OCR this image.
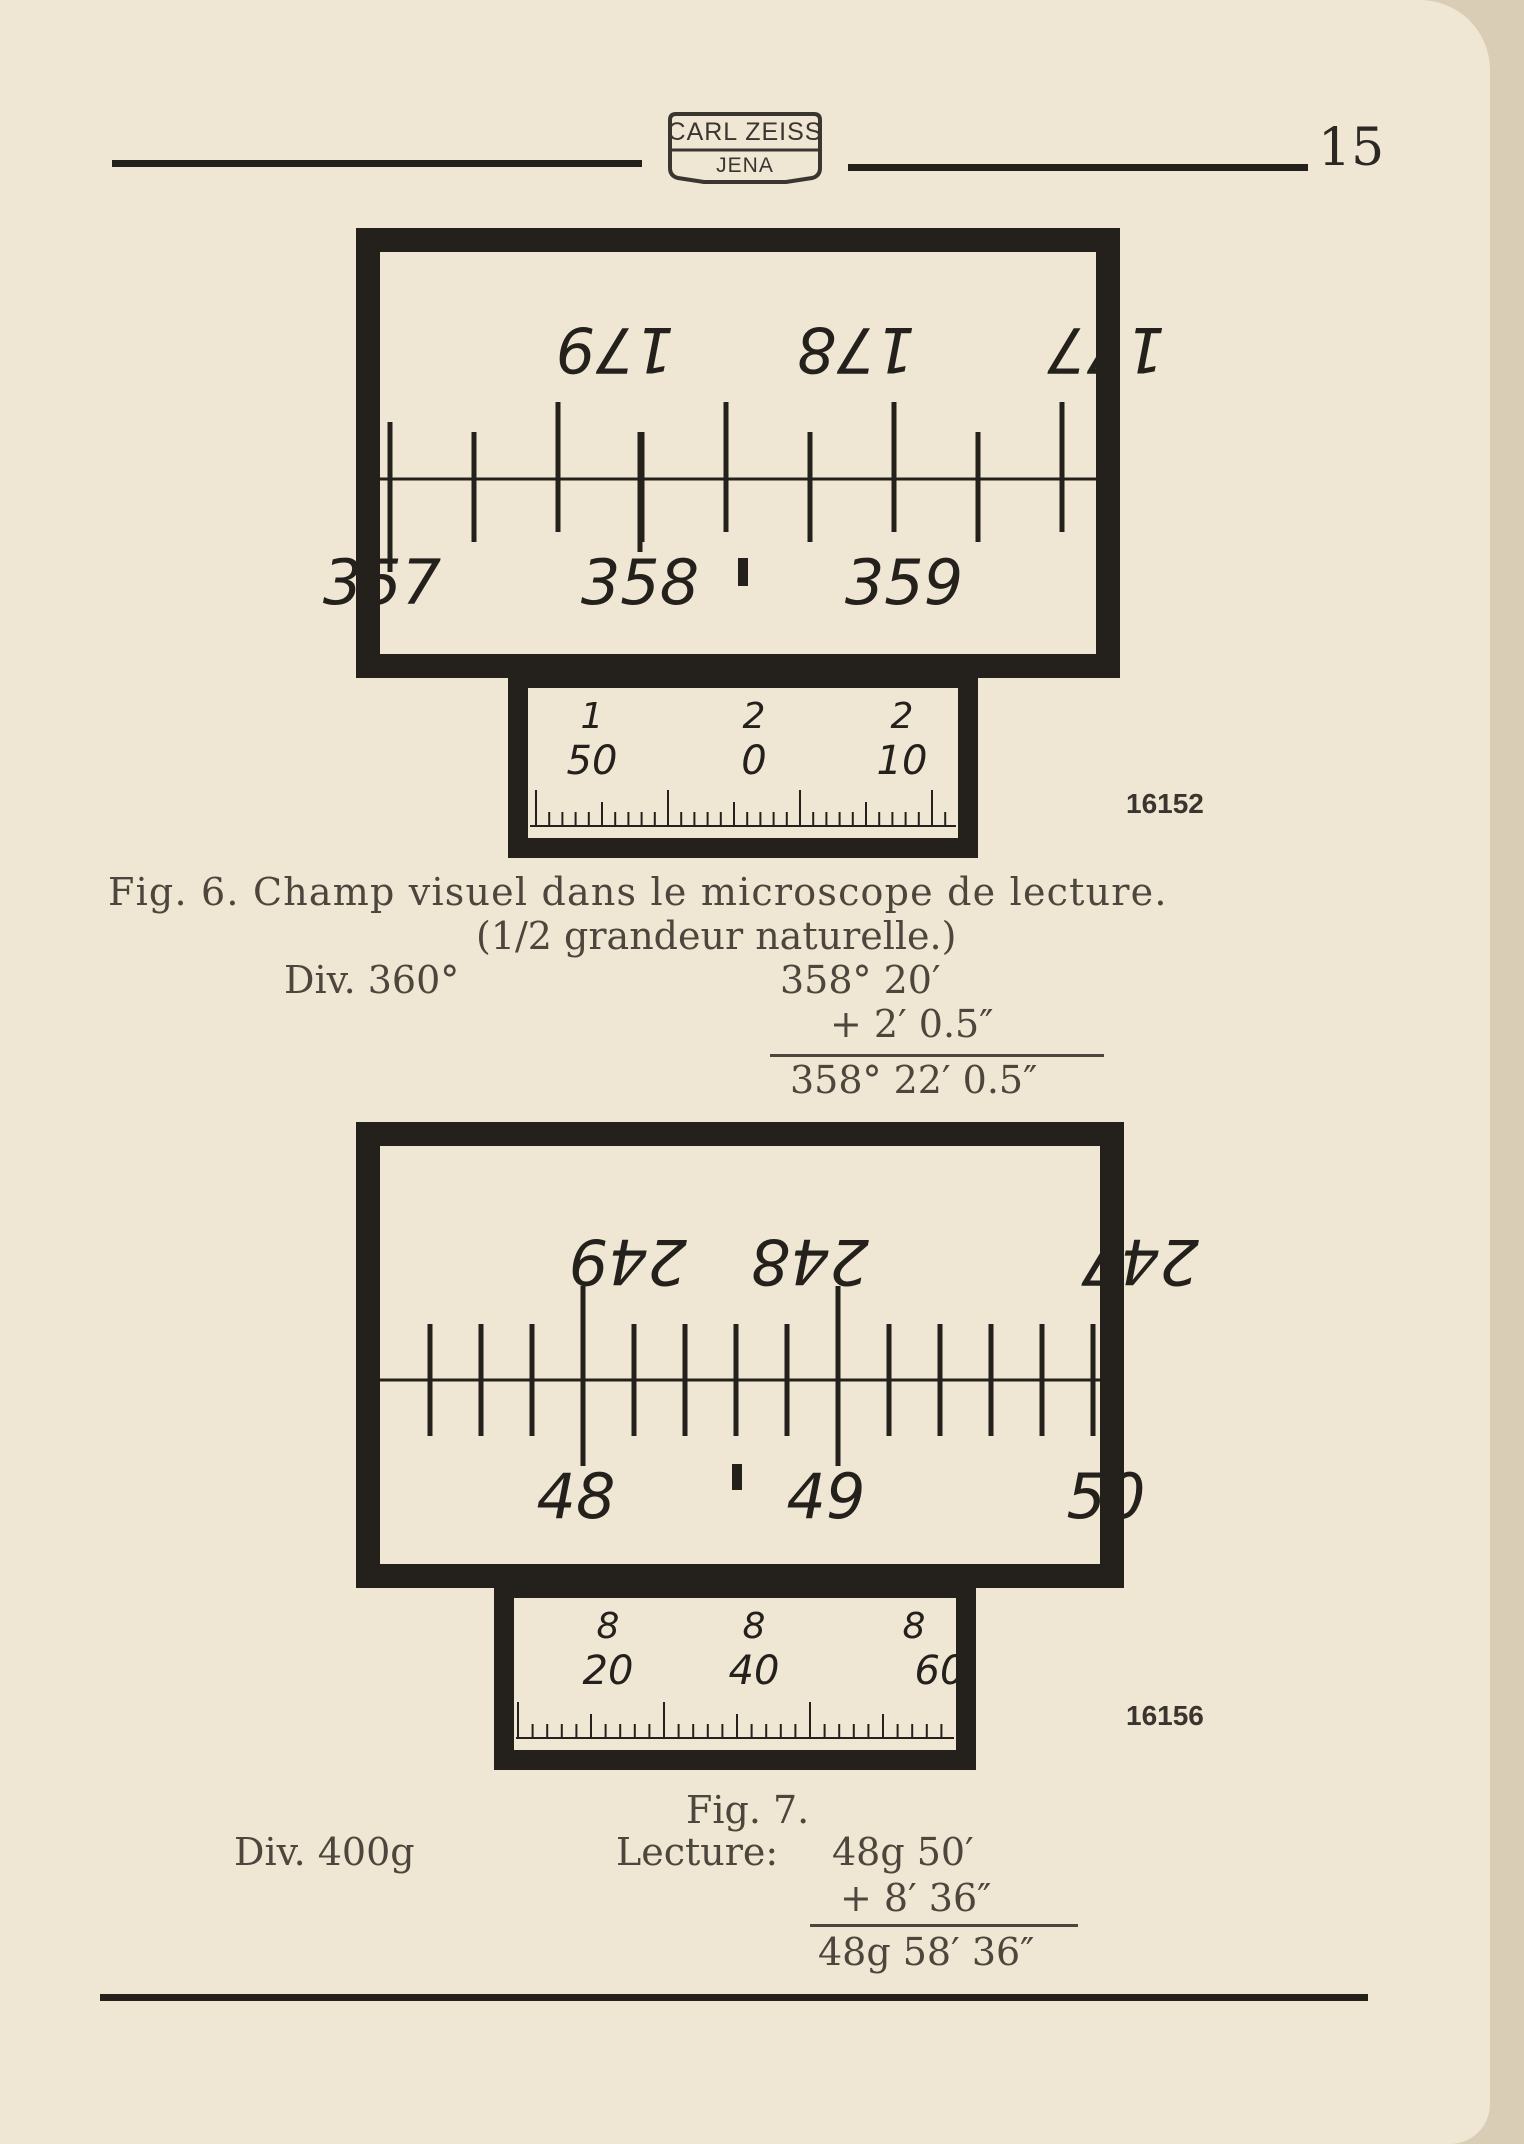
CARL ZEISS
JENA	15
179 178 177
357 358 359
1	2	2
50	0	10
16152
Fig. 6. Champ visuel dans le microscope de lecture.
(1/2 grandeur naturelle.)
Div. 360°	358° 20′
+ 2′ 0.5″
358° 22′ 0.5″
249 248	247
48	49	50
8	8	8
20 40	60
16156
Fig. 7.
Div. 400g	Lecture: 48g 50′
+ 8′ 36″
48g 58′ 36″
